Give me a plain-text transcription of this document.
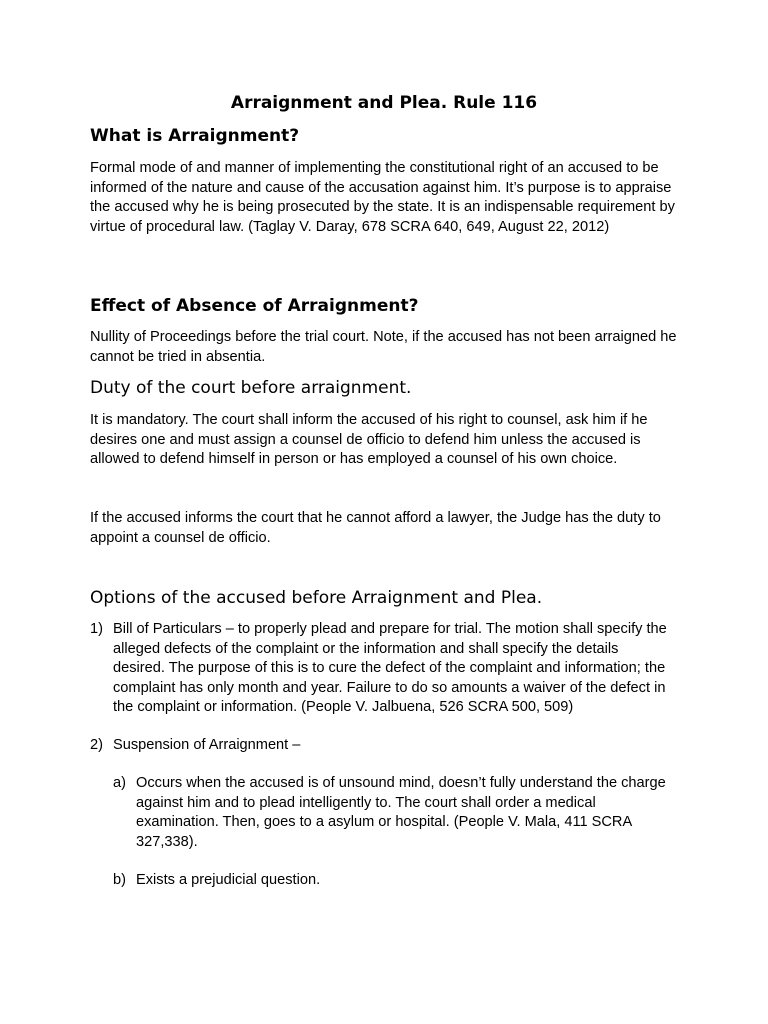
Arraignment and Plea. Rule 116
What is Arraignment?

Formal mode of and manner of implementing the constitutional right of an accused to be informed of the nature and cause of the accusation against him. It’s purpose is to appraise the accused why he is being prosecuted by the state. It is an indispensable requirement by virtue of procedural law. (Taglay V. Daray, 678 SCRA 640, 649, August 22, 2012)

Effect of Absence of Arraignment?

Nullity of Proceedings before the trial court. Note, if the accused has not been arraigned he cannot be tried in absentia.

Duty of the court before arraignment.

It is mandatory. The court shall inform the accused of his right to counsel, ask him if he desires one and must assign a counsel de officio to defend him unless the accused is allowed to defend himself in person or has employed a counsel of his own choice.

If the accused informs the court that he cannot afford a lawyer, the Judge has the duty to appoint a counsel de officio.

Options of the accused before Arraignment and Plea.
1) Bill of Particulars – to properly plead and prepare for trial. The motion shall specify the alleged defects of the complaint or the information and shall specify the details desired. The purpose of this is to cure the defect of the complaint and information; the complaint has only month and year. Failure to do so amounts a waiver of the defect in the complaint or information. (People V. Jalbuena, 526 SCRA 500, 509)

2) Suspension of Arraignment –

a) Occurs when the accused is of unsound mind, doesn’t fully understand the charge against him and to plead intelligently to. The court shall order a medical examination. Then, goes to a asylum or hospital. (People V. Mala, 411 SCRA 327,338).

b) Exists a prejudicial question.
